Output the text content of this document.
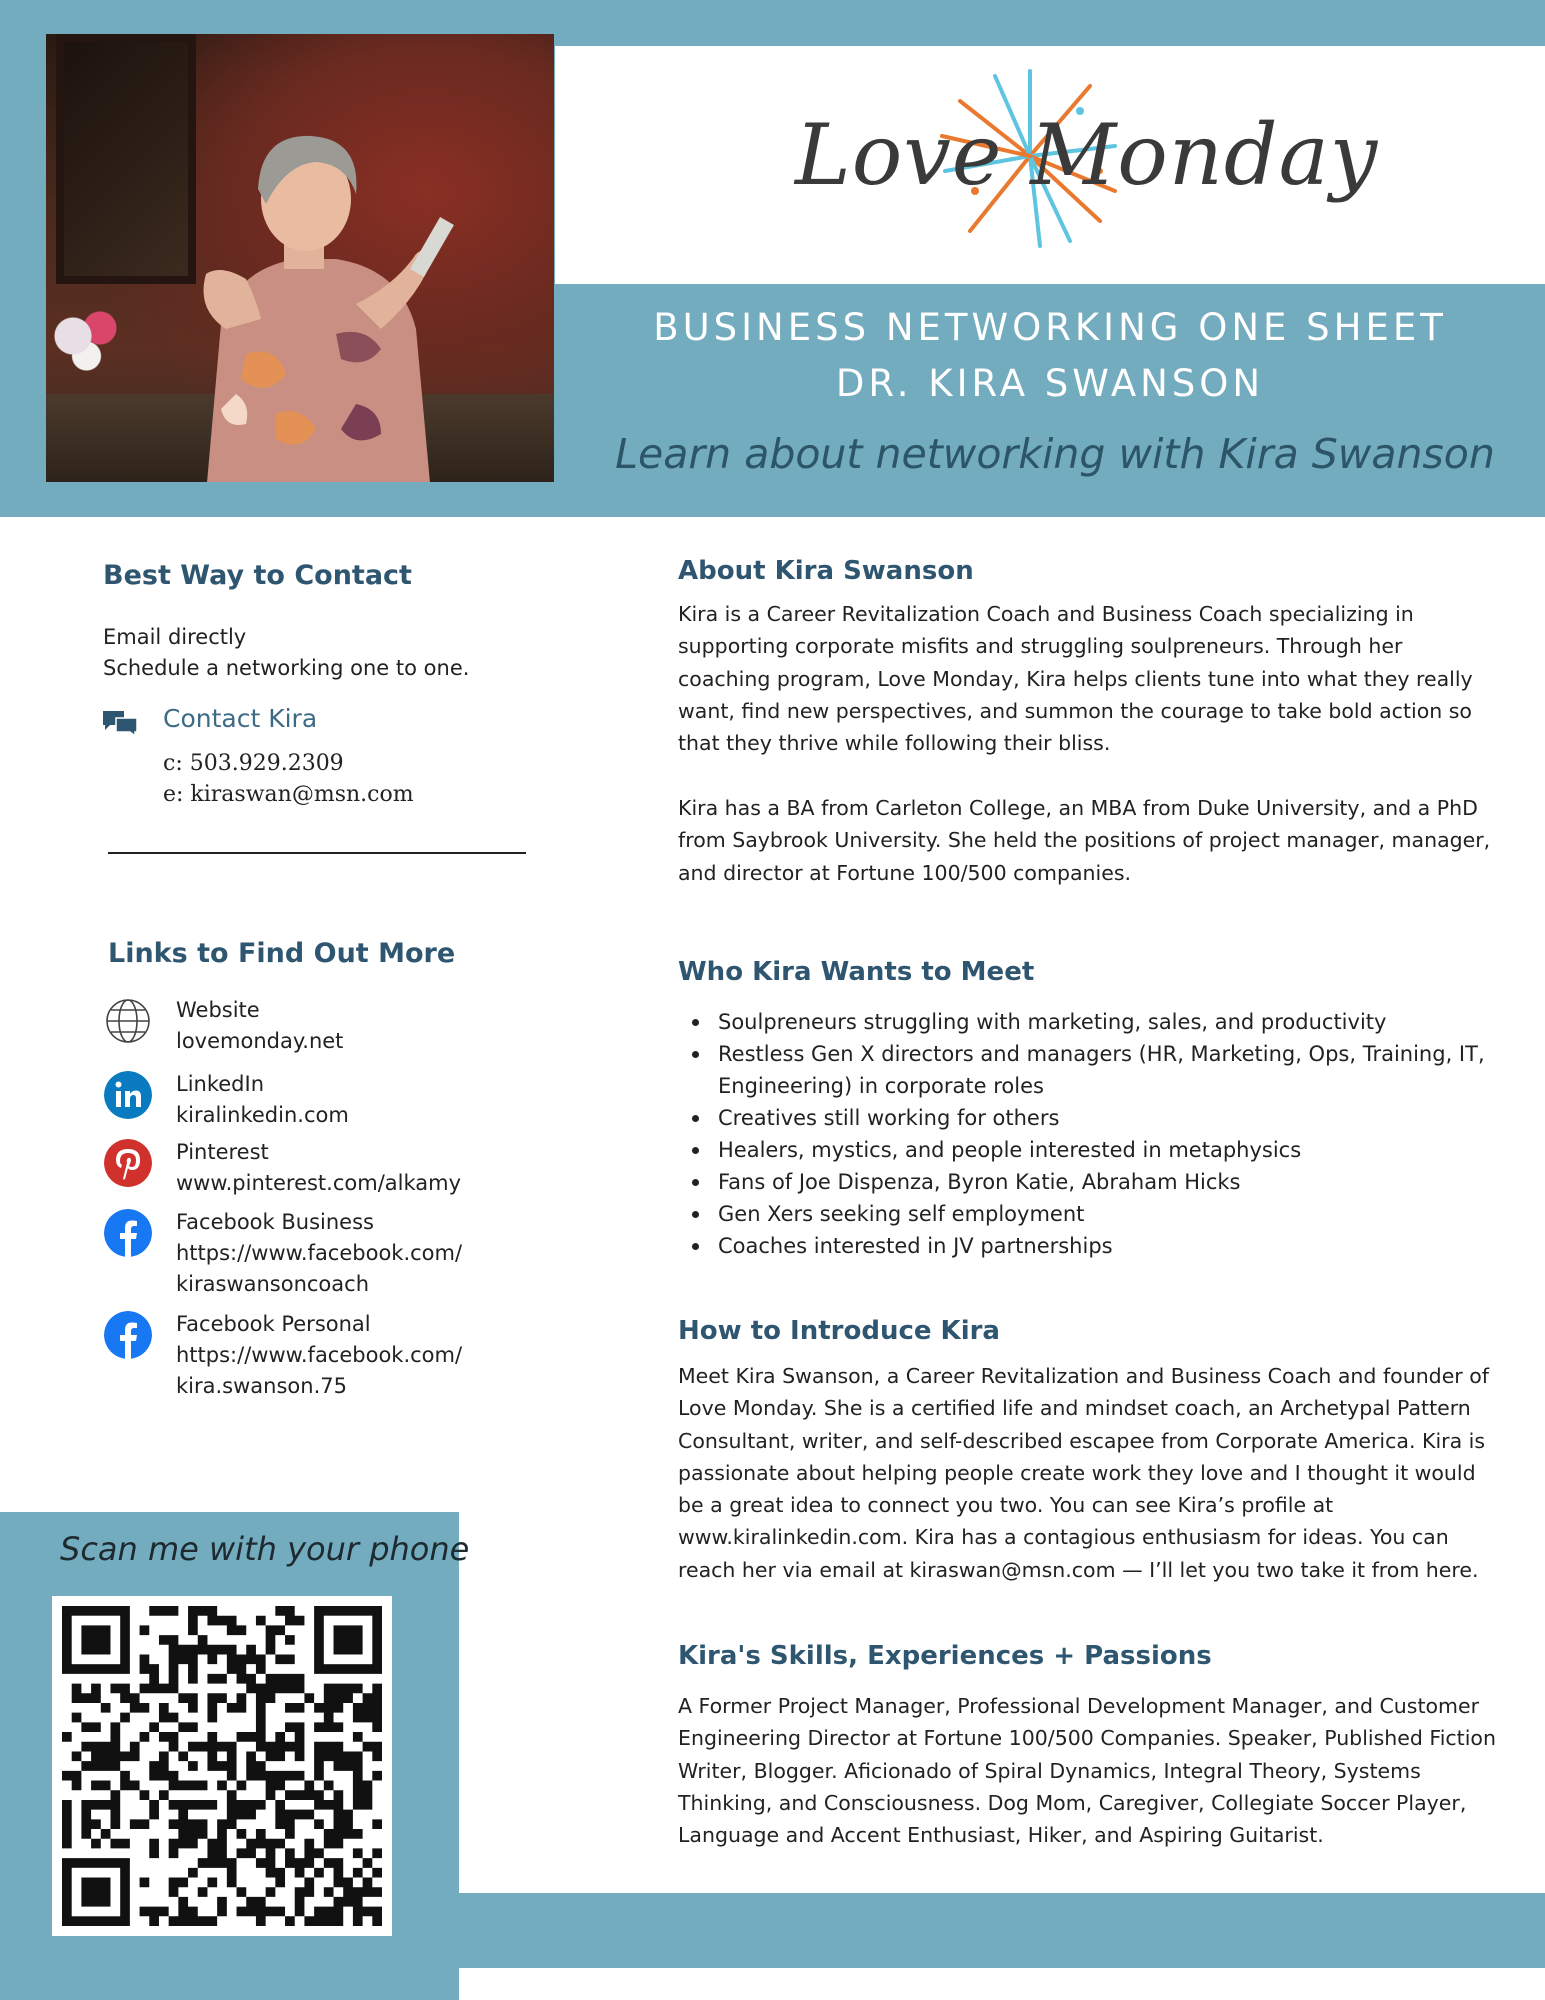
Love Monday
BUSINESS NETWORKING ONE SHEET
DR. KIRA SWANSON
Learn about networking with Kira Swanson
Best Way to Contact
Email directly
Schedule a networking one to one.
Contact Kira
c: 503.929.2309
e: kiraswan@msn.com
Links to Find Out More
Website
lovemonday.net
LinkedIn
kiralinkedin.com
Pinterest
www.pinterest.com/alkamy
Facebook Business
https://www.facebook.com/
kiraswansoncoach
Facebook Personal
https://www.facebook.com/
kira.swanson.75
Scan me with your phone
About Kira Swanson
Kira is a Career Revitalization Coach and Business Coach specializing in supporting corporate misfits and struggling soulpreneurs. Through her coaching program, Love Monday, Kira helps clients tune into what they really want, find new perspectives, and summon the courage to take bold action so that they thrive while following their bliss.
Kira has a BA from Carleton College, an MBA from Duke University, and a PhD from Saybrook University. She held the positions of project manager, manager, and director at Fortune 100/500 companies.
Who Kira Wants to Meet
Soulpreneurs struggling with marketing, sales, and productivity
Restless Gen X directors and managers (HR, Marketing, Ops, Training, IT, Engineering) in corporate roles
Creatives still working for others
Healers, mystics, and people interested in metaphysics
Fans of Joe Dispenza, Byron Katie, Abraham Hicks
Gen Xers seeking self employment
Coaches interested in JV partnerships
How to Introduce Kira
Meet Kira Swanson, a Career Revitalization and Business Coach and founder of Love Monday. She is a certified life and mindset coach, an Archetypal Pattern Consultant, writer, and self-described escapee from Corporate America. Kira is passionate about helping people create work they love and I thought it would be a great idea to connect you two. You can see Kira’s profile at www.kiralinkedin.com. Kira has a contagious enthusiasm for ideas. You can reach her via email at kiraswan@msn.com — I’ll let you two take it from here.
Kira's Skills, Experiences + Passions
A Former Project Manager, Professional Development Manager, and Customer Engineering Director at Fortune 100/500 Companies. Speaker, Published Fiction Writer, Blogger. Aficionado of Spiral Dynamics, Integral Theory, Systems Thinking, and Consciousness. Dog Mom, Caregiver, Collegiate Soccer Player, Language and Accent Enthusiast, Hiker, and Aspiring Guitarist.
